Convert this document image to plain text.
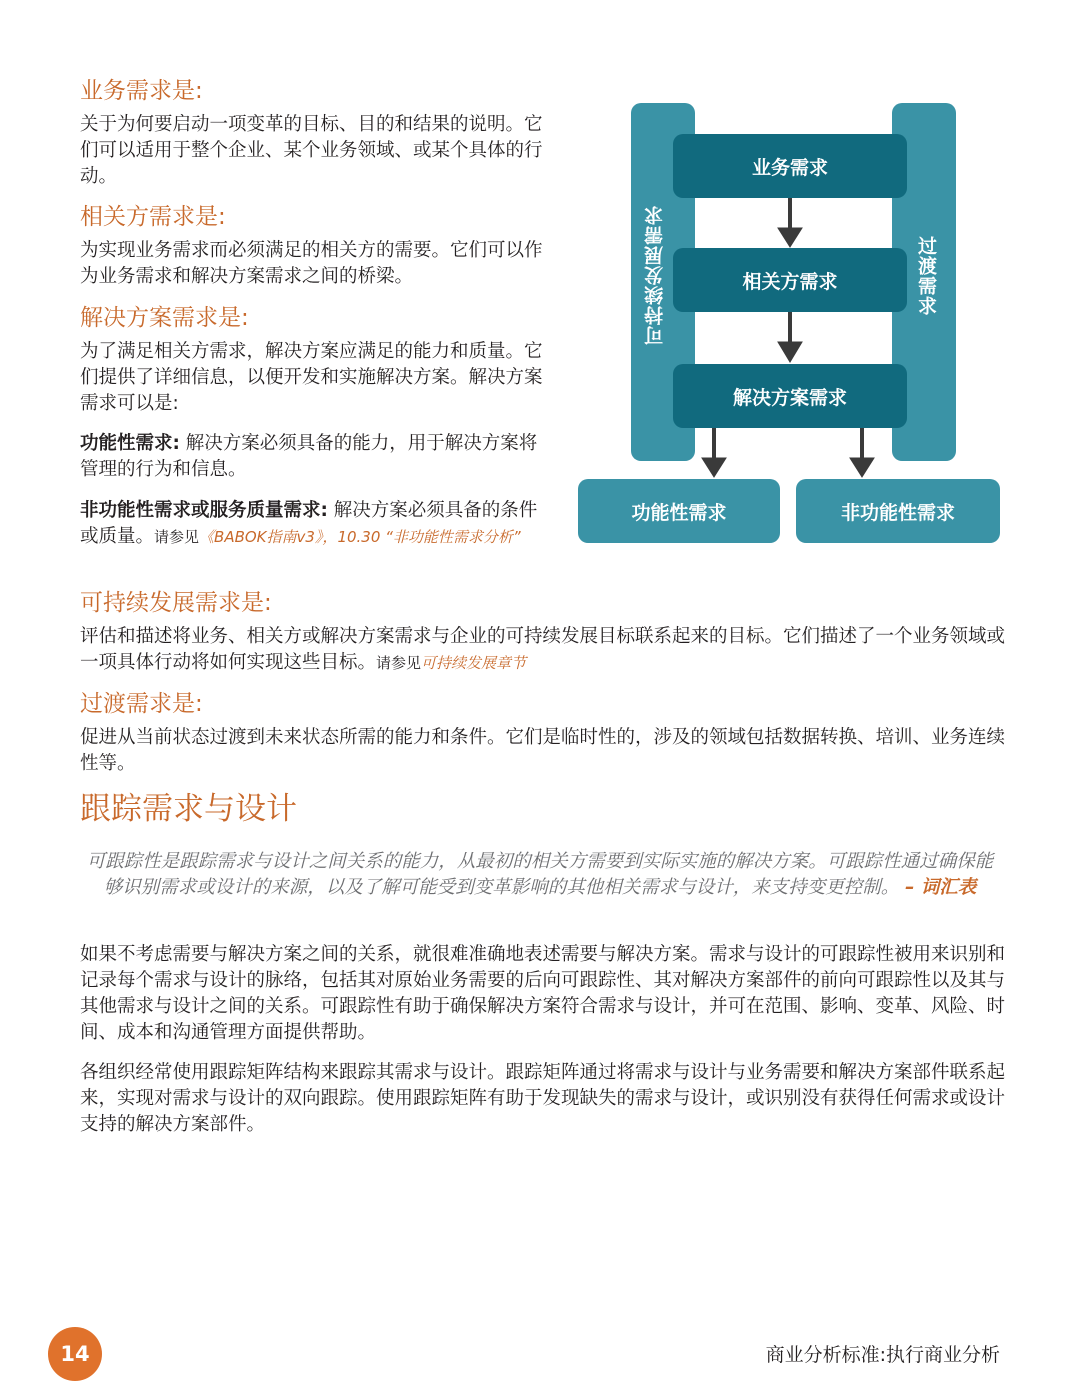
业务需求是:

关于为何要启动一项变革的目标、目的和结果的说明。它们可以适用于整个企业、某个业务领域、或某个具体的行动。

相关方需求是:

为实现业务需求而必须满足的相关方的需要。它们可以作为业务需求和解决方案需求之间的桥梁。

解决方案需求是:

为了满足相关方需求，解决方案应满足的能力和质量。它们提供了详细信息，以便开发和实施解决方案。解决方案需求可以是:

功能性需求: 解决方案必须具备的能力，用于解决方案将管理的行为和信息。

非功能性需求或服务质量需求: 解决方案必须具备的条件或质量。请参见《BABOK指南v3》，10.30 “非功能性需求分析”

可持续发展需求	过渡需求
业务需求
相关方需求
解决方案需求
功能性需求	非功能性需求
可持续发展需求是:

评估和描述将业务、相关方或解决方案需求与企业的可持续发展目标联系起来的目标。它们描述了一个业务领域或一项具体行动将如何实现这些目标。请参见可持续发展章节

过渡需求是:

促进从当前状态过渡到未来状态所需的能力和条件。它们是临时性的，涉及的领域包括数据转换、培训、业务连续性等。

跟踪需求与设计
可跟踪性是跟踪需求与设计之间关系的能力，从最初的相关方需要到实际实施的解决方案。可跟踪性通过确保能够识别需求或设计的来源，以及了解可能受到变革影响的其他相关需求与设计，来支持变更控制。 – 词汇表

如果不考虑需要与解决方案之间的关系，就很难准确地表述需要与解决方案。需求与设计的可跟踪性被用来识别和记录每个需求与设计的脉络，包括其对原始业务需要的后向可跟踪性、其对解决方案部件的前向可跟踪性以及其与其他需求与设计之间的关系。可跟踪性有助于确保解决方案符合需求与设计，并可在范围、影响、变革、风险、时间、成本和沟通管理方面提供帮助。

各组织经常使用跟踪矩阵结构来跟踪其需求与设计。跟踪矩阵通过将需求与设计与业务需要和解决方案部件联系起来，实现对需求与设计的双向跟踪。使用跟踪矩阵有助于发现缺失的需求与设计，或识别没有获得任何需求或设计支持的解决方案部件。

14	商业分析标准:执行商业分析
